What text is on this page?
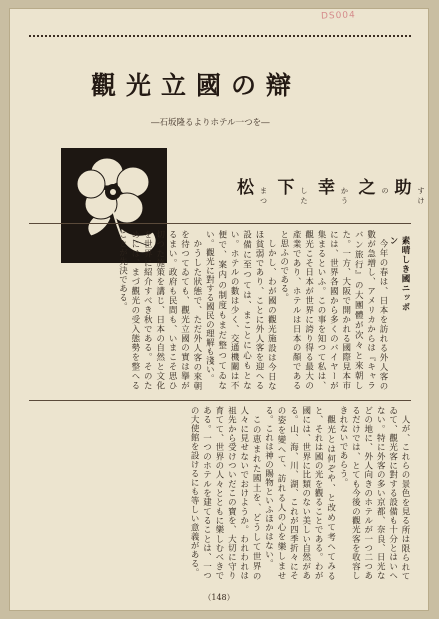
DS004
觀光立國の辯
―石坂隆るよりホテル一つを―
松 まつ
下 した
幸 かう
之 の 助 すけ
素晴しき國ニッポン

今年の春は、日本を訪れる外人客の數が急増し、アメリカからは『キャラバン旅行』の大團體が次々と來朝した。一方、大阪で開かれる國際見本市には、世界各國から多くのバイヤーが集まるといふ。この事を知つて私は、觀光こそ日本が世界に誇り得る最大の產業であり、ホテルは日本の顏であると思ふのである。

しかし、わが國の觀光施設は今日なほ貧弱であり、ことに外人客を迎へる設備に至つては、まことに心もとない。ホテルの數は少く、交通機關は不便で、案内の制度もまだ整つてゐない。觀光に對する國民の理解も淺い。

かうした狀態で、ただ外人客の來朝を待つてゐても、觀光立國の實は擧がるまい。政府も民間も、いまこそ思ひ切つた施策を講じ、日本の自然と文化を世界に紹介すべき秋である。そのためには、まづ觀光の受入態勢を整へることが先決である。

人が、これらの景色を見る所は限られてゐて、觀光客に對する設備も十分とはいへない。特に外客の多い京都、奈良、日光などの地に、外人向きのホテルが一つ二つあるだけでは、とても今後の觀光客を收容しきれないであらう。

觀光とは何ぞや、と改めて考へてみると、それは國の光を觀ることである。わが國には、世界に比類のない美しい自然がある。山、海、川、湖、これが四季折々にその姿を變へて、訪れる人の心を樂しませる。これは神の賜物といふほかはない。

この恵まれた國土を、どうして世界の人々に見せないでおけようか。われわれは祖先から受けついだこの寶を、大切に守り育てて、世界の人々とともに樂しむべきである。一つのホテルを建てることは、一つの大使館を設けるにも等しい意義がある。

（148）
